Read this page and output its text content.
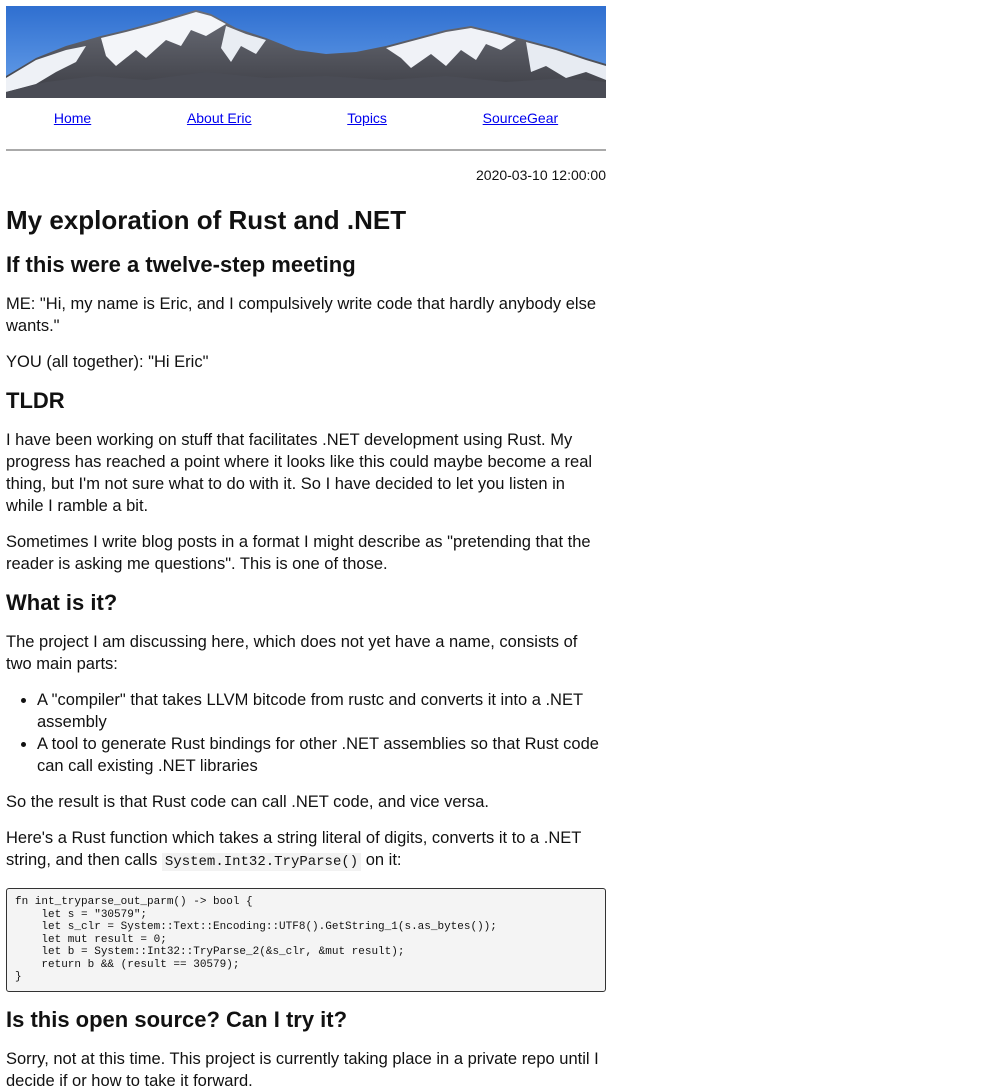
Home	About Eric	Topics	SourceGear
2020-03-10 12:00:00
My exploration of Rust and .NET
If this were a twelve-step meeting

ME: "Hi, my name is Eric, and I compulsively write code that hardly anybody else wants."

YOU (all together): "Hi Eric"

TLDR

I have been working on stuff that facilitates .NET development using Rust. My progress has reached a point where it looks like this could maybe become a real thing, but I'm not sure what to do with it. So I have decided to let you listen in while I ramble a bit.

Sometimes I write blog posts in a format I might describe as "pretending that the reader is asking me questions". This is one of those.

What is it?

The project I am discussing here, which does not yet have a name, consists of two main parts:

• A "compiler" that takes LLVM bitcode from rustc and converts it into a .NET assembly
• A tool to generate Rust bindings for other .NET assemblies so that Rust code can call existing .NET libraries

So the result is that Rust code can call .NET code, and vice versa.

Here's a Rust function which takes a string literal of digits, converts it to a .NET string, and then calls System.Int32.TryParse() on it:

fn int_tryparse_out_parm() -> bool {
let s = "30579";
let s_clr = System::Text::Encoding::UTF8().GetString_1(s.as_bytes());
let mut result = 0;
let b = System::Int32::TryParse_2(&s_clr, &mut result);
return b && (result == 30579);
}
Is this open source? Can I try it?

Sorry, not at this time. This project is currently taking place in a private repo until I decide if or how to take it forward.
